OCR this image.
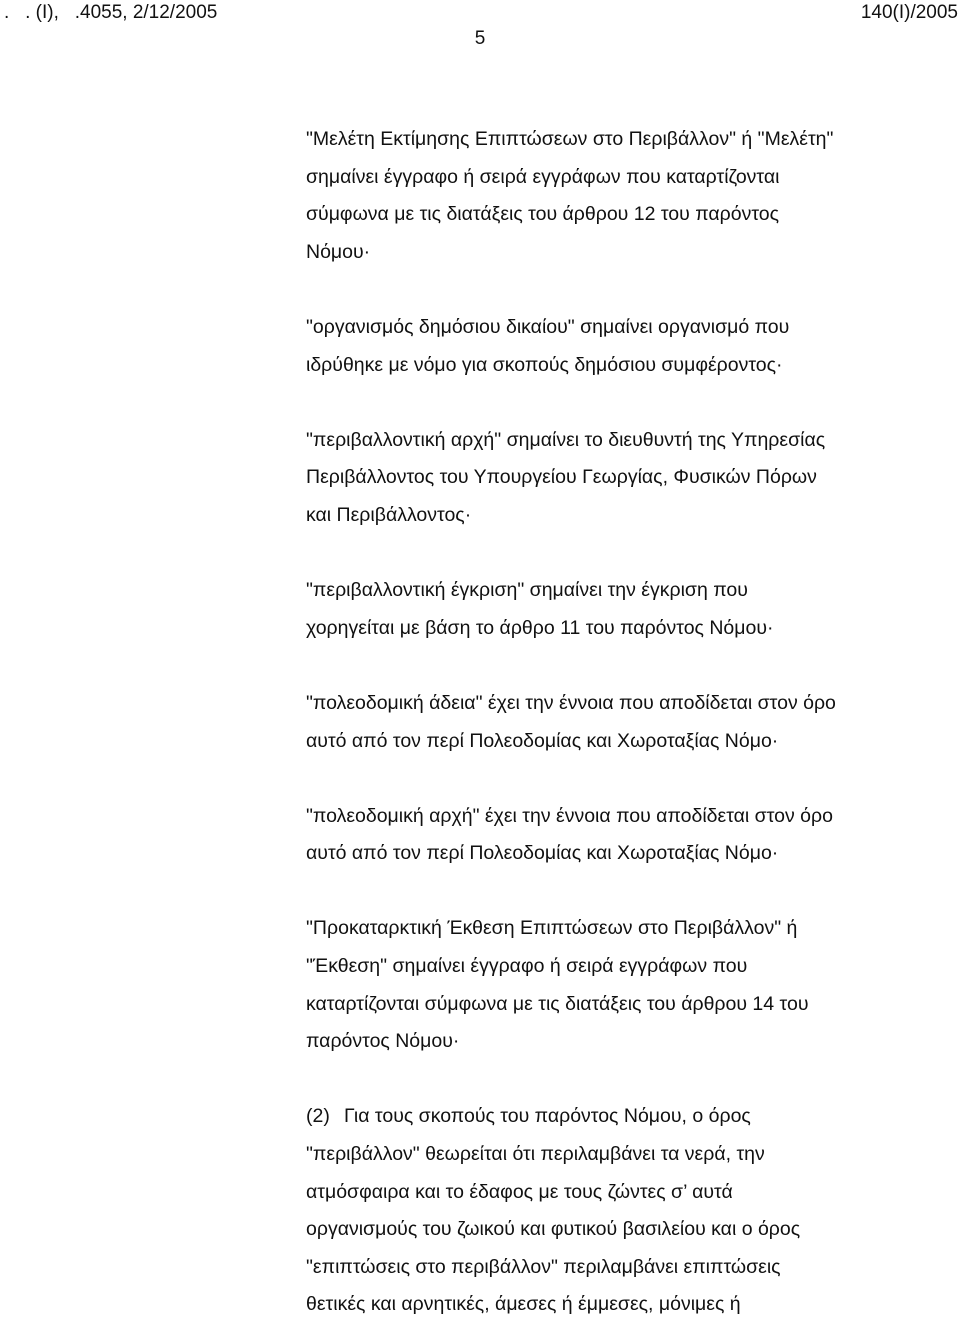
.   . (Ι),   .4055, 2/12/2005	140(Ι)/2005
5
"Μελέτη Εκτίμησης Επιπτώσεων στο Περιβάλλον" ή "Μελέτη"
σημαίνει έγγραφο ή σειρά εγγράφων που καταρτίζονται
σύμφωνα με τις διατάξεις του άρθρου 12 του παρόντος
Νόμου·
"οργανισμός δημόσιου δικαίου" σημαίνει οργανισμό που
ιδρύθηκε με νόμο για σκοπούς δημόσιου συμφέροντος·
"περιβαλλοντική αρχή" σημαίνει το διευθυντή της Υπηρεσίας
Περιβάλλοντος του Υπουργείου Γεωργίας, Φυσικών Πόρων
και Περιβάλλοντος·
"περιβαλλοντική έγκριση" σημαίνει την έγκριση που
χορηγείται με βάση το άρθρο 11 του παρόντος Νόμου·
"πολεοδομική άδεια" έχει την έννοια που αποδίδεται στον όρο
αυτό από τον περί Πολεοδομίας και Χωροταξίας Νόμο·
"πολεοδομική αρχή" έχει την έννοια που αποδίδεται στον όρο
αυτό από τον περί Πολεοδομίας και Χωροταξίας Νόμο·
"Προκαταρκτική Έκθεση Επιπτώσεων στο Περιβάλλον" ή
"Έκθεση" σημαίνει έγγραφο ή σειρά εγγράφων που
καταρτίζονται σύμφωνα με τις διατάξεις του άρθρου 14 του
παρόντος Νόμου·
(2) Για τους σκοπούς του παρόντος Νόμου, ο όρος
"περιβάλλον" θεωρείται ότι περιλαμβάνει τα νερά, την
ατμόσφαιρα και το έδαφος με τους ζώντες σ’ αυτά
οργανισμούς του ζωικού και φυτικού βασιλείου και ο όρος
"επιπτώσεις στο περιβάλλον" περιλαμβάνει επιπτώσεις
θετικές και αρνητικές, άμεσες ή έμμεσες, μόνιμες ή
